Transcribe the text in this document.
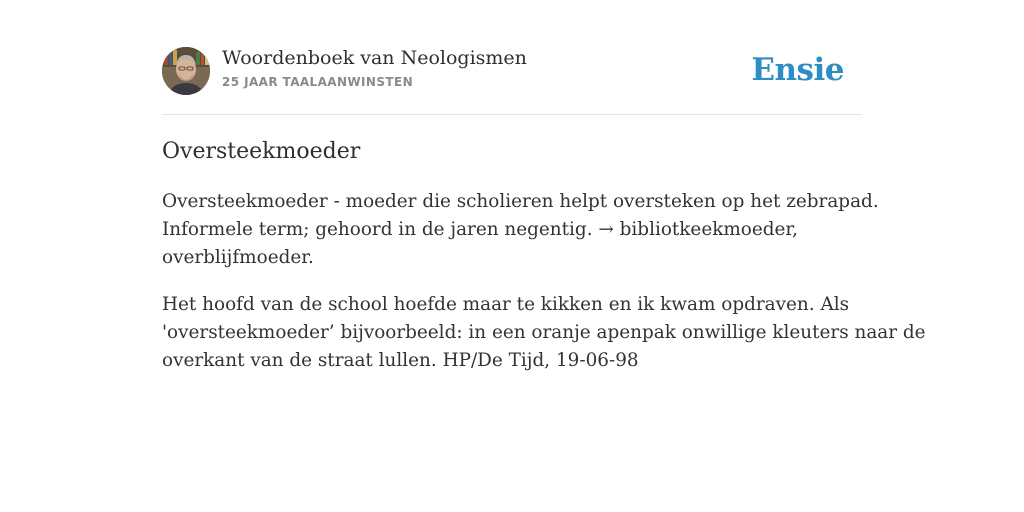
Woordenboek van Neologismen
25 JAAR TAALAANWINSTEN	Ensie
Oversteekmoeder

Oversteekmoeder - moeder die scholieren helpt oversteken op het zebrapad.
Informele term; gehoord in de jaren negentig. → bibliotkeekmoeder,
overblijfmoeder.

Het hoofd van de school hoefde maar te kikken en ik kwam opdraven. Als
'oversteekmoeder’ bijvoorbeeld: in een oranje apenpak onwillige kleuters naar de
overkant van de straat lullen. HP/De Tijd, 19-06-98
